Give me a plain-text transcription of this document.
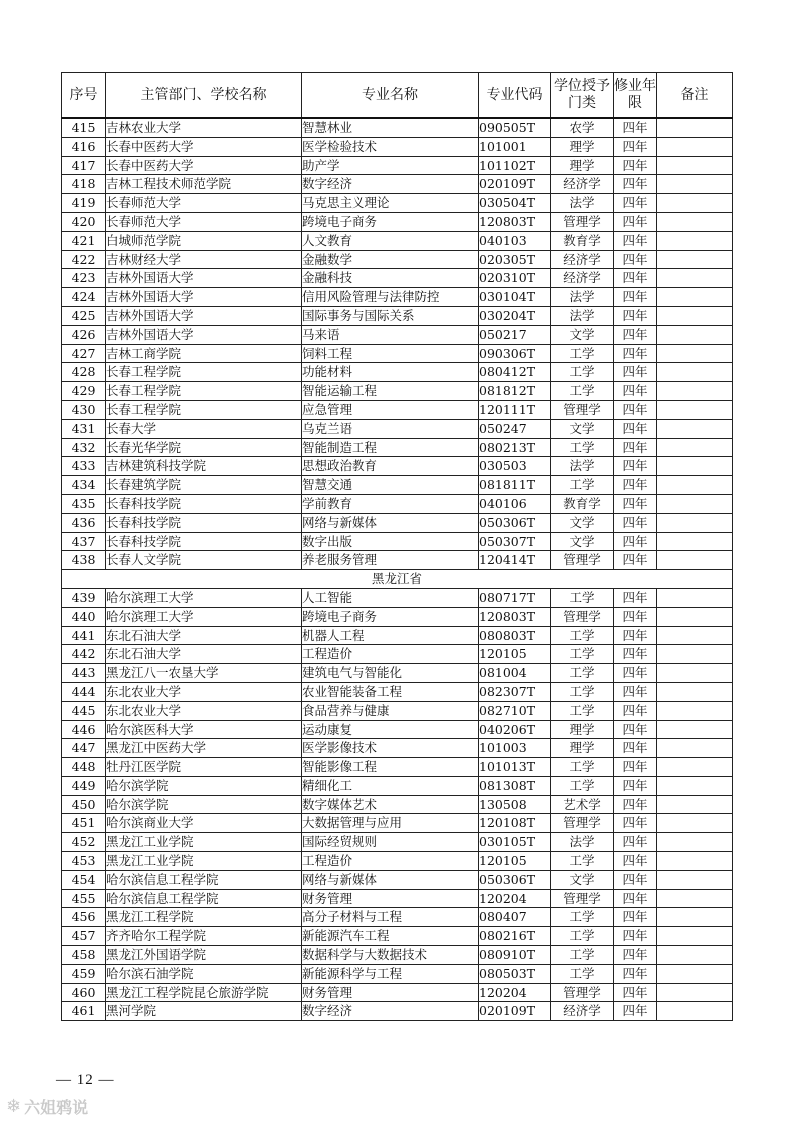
序号	主管部门、学校名称	专业名称	专业代码	学位授予门类	修业年限	备注
415	吉林农业大学	智慧林业	090505T	农学	四年	
416	长春中医药大学	医学检验技术	101001	理学	四年	
417	长春中医药大学	助产学	101102T	理学	四年	
418	吉林工程技术师范学院	数字经济	020109T	经济学	四年	
419	长春师范大学	马克思主义理论	030504T	法学	四年	
420	长春师范大学	跨境电子商务	120803T	管理学	四年	
421	白城师范学院	人文教育	040103	教育学	四年	
422	吉林财经大学	金融数学	020305T	经济学	四年	
423	吉林外国语大学	金融科技	020310T	经济学	四年	
424	吉林外国语大学	信用风险管理与法律防控	030104T	法学	四年	
425	吉林外国语大学	国际事务与国际关系	030204T	法学	四年	
426	吉林外国语大学	马来语	050217	文学	四年	
427	吉林工商学院	饲料工程	090306T	工学	四年	
428	长春工程学院	功能材料	080412T	工学	四年	
429	长春工程学院	智能运输工程	081812T	工学	四年	
430	长春工程学院	应急管理	120111T	管理学	四年	
431	长春大学	乌克兰语	050247	文学	四年	
432	长春光华学院	智能制造工程	080213T	工学	四年	
433	吉林建筑科技学院	思想政治教育	030503	法学	四年	
434	长春建筑学院	智慧交通	081811T	工学	四年	
435	长春科技学院	学前教育	040106	教育学	四年	
436	长春科技学院	网络与新媒体	050306T	文学	四年	
437	长春科技学院	数字出版	050307T	文学	四年	
438	长春人文学院	养老服务管理	120414T	管理学	四年	
黑龙江省						
439	哈尔滨理工大学	人工智能	080717T	工学	四年	
440	哈尔滨理工大学	跨境电子商务	120803T	管理学	四年	
441	东北石油大学	机器人工程	080803T	工学	四年	
442	东北石油大学	工程造价	120105	工学	四年	
443	黑龙江八一农垦大学	建筑电气与智能化	081004	工学	四年	
444	东北农业大学	农业智能装备工程	082307T	工学	四年	
445	东北农业大学	食品营养与健康	082710T	工学	四年	
446	哈尔滨医科大学	运动康复	040206T	理学	四年	
447	黑龙江中医药大学	医学影像技术	101003	理学	四年	
448	牡丹江医学院	智能影像工程	101013T	工学	四年	
449	哈尔滨学院	精细化工	081308T	工学	四年	
450	哈尔滨学院	数字媒体艺术	130508	艺术学	四年	
451	哈尔滨商业大学	大数据管理与应用	120108T	管理学	四年	
452	黑龙江工业学院	国际经贸规则	030105T	法学	四年	
453	黑龙江工业学院	工程造价	120105	工学	四年	
454	哈尔滨信息工程学院	网络与新媒体	050306T	文学	四年	
455	哈尔滨信息工程学院	财务管理	120204	管理学	四年	
456	黑龙江工程学院	高分子材料与工程	080407	工学	四年	
457	齐齐哈尔工程学院	新能源汽车工程	080216T	工学	四年	
458	黑龙江外国语学院	数据科学与大数据技术	080910T	工学	四年	
459	哈尔滨石油学院	新能源科学与工程	080503T	工学	四年	
460	黑龙江工程学院昆仑旅游学院	财务管理	120204	管理学	四年	
461	黑河学院	数字经济	020109T	经济学	四年	
— 12 —
❄ 六姐鸦说
